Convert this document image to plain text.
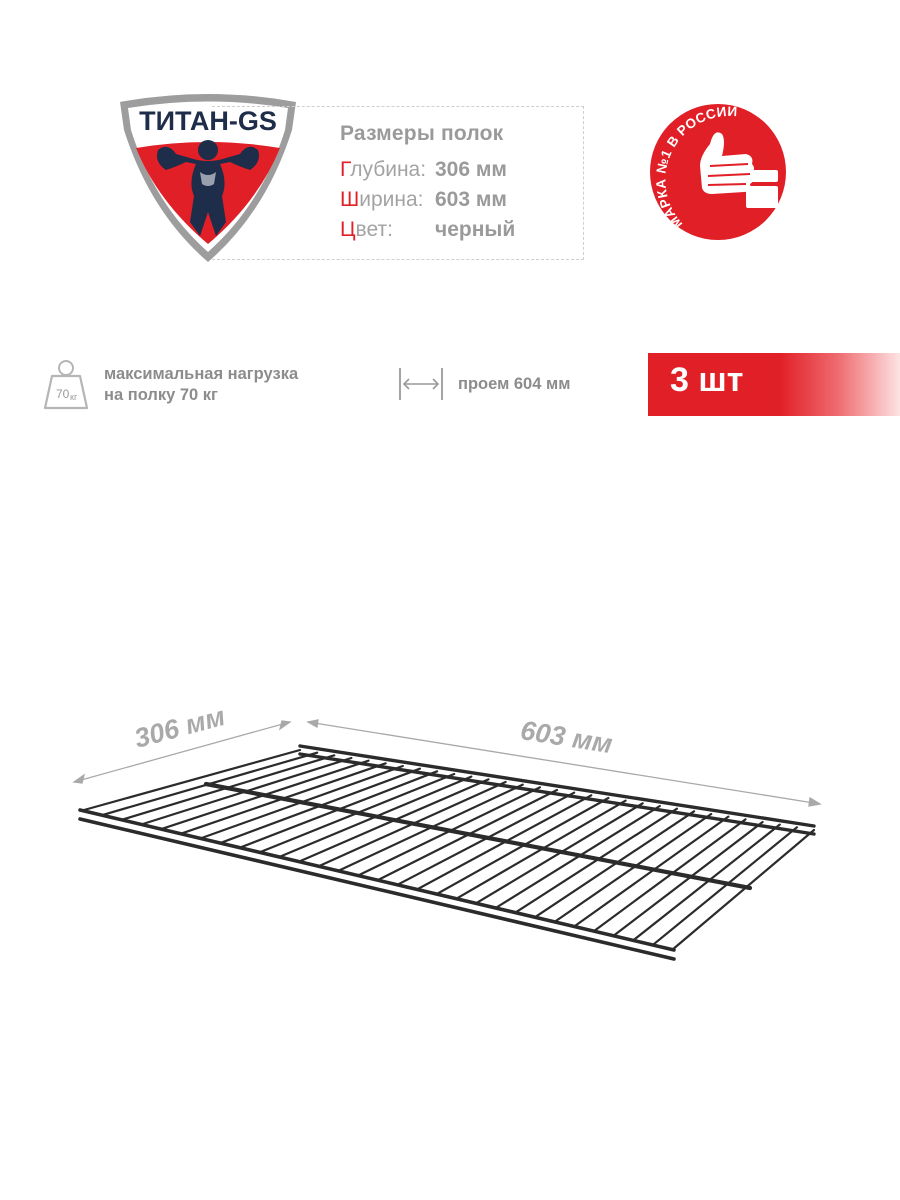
ТИТАН-GS	Размеры полок
Глубина: 306 мм
Ширина: 603 мм
Цвет: черный	МАРКА №1 В РОССИИ
70 кг
максимальная нагрузка
на полку 70 кг
проем 604 мм	3 шт
306 мм	603 мм
